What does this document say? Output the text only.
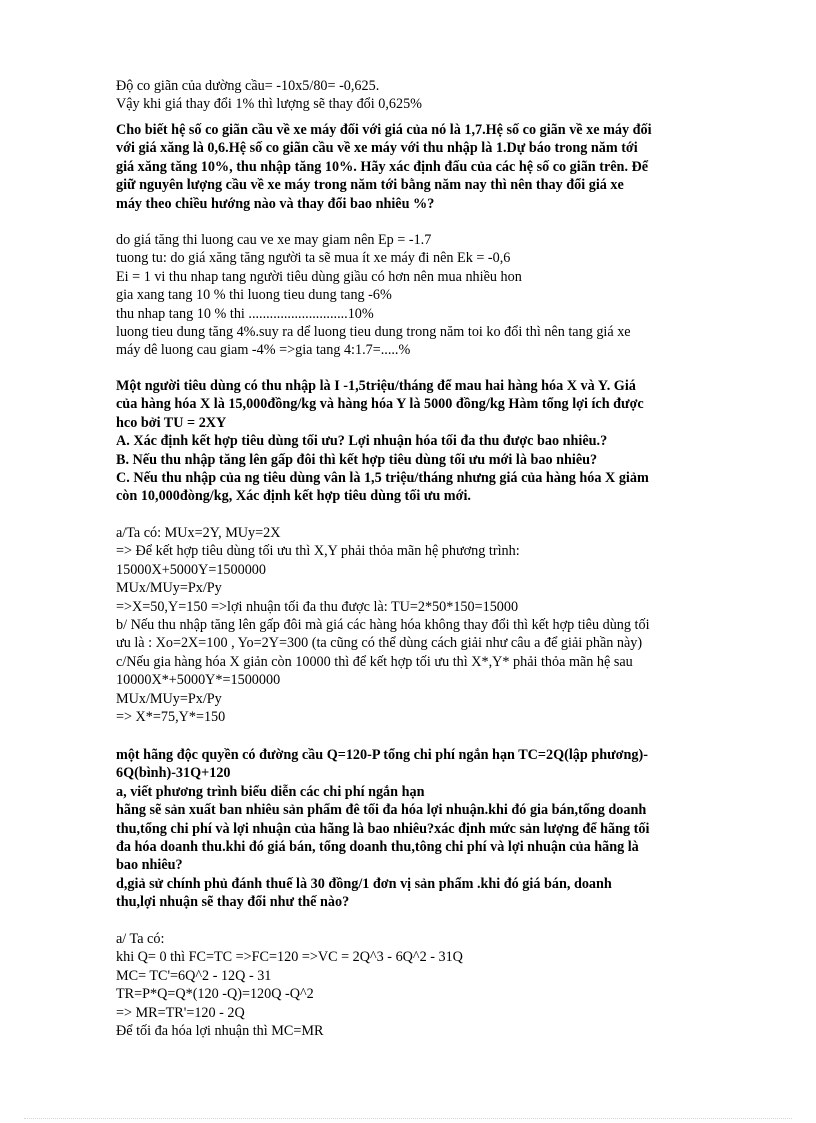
Độ co giãn của dường cầu= -10x5/80= -0,625.
Vậy khi giá thay đổi 1% thì lượng sẽ thay đổi 0,625%
Cho biết hệ số co giãn cầu về xe máy đối với giá của nó là 1,7.Hệ số co giãn về xe máy đối
với giá xăng là 0,6.Hệ số co giãn cầu về xe máy với thu nhập là 1.Dự báo trong năm tới
giá xăng tăng 10%, thu nhập tăng 10%. Hãy xác định đấu của các hệ số co giãn trên. Để
giữ nguyên lượng cầu về xe máy trong năm tới bằng năm nay thì nên thay đổi giá xe
máy theo chiều hướng nào và thay đổi bao nhiêu %?
do giá tăng thi luong cau ve xe may giam nên Ep = -1.7
tuong tu: do giá xăng tăng người ta sẽ mua ít xe máy đi nên Ek = -0,6
Ei = 1 vi thu nhap tang người tiêu dùng giầu có hơn nên mua nhiều hon
gia xang tang 10 % thi luong tieu dung tang -6%
thu nhap tang 10 % thi ............................10%
luong tieu dung tăng 4%.suy ra dể luong tieu dung trong năm toi ko đổi thì nên tang giá xe
máy dê luong cau giam -4% =>gia tang 4:1.7=.....%
Một người tiêu dùng có thu nhập là I -1,5triệu/tháng để mau hai hàng hóa X và Y. Giá
của hàng hóa X là 15,000đồng/kg và hàng hóa Y là 5000 đồng/kg Hàm tổng lợi ích được
hco bởi TU = 2XY
A. Xác định kết hợp tiêu dùng tối ưu? Lợi nhuận hóa tối đa thu được bao nhiêu.?
B. Nếu thu nhập tăng lên gấp đôi thì kết hợp tiêu dùng tối ưu mới là bao nhiêu?
C. Nếu thu nhập của ng tiêu dùng vân là 1,5 triệu/tháng nhưng giá của hàng hóa X giảm
còn 10,000đòng/kg, Xác định kết hợp tiêu dùng tối ưu mới.
a/Ta có: MUx=2Y, MUy=2X
=> Để kết hợp tiêu dùng tối ưu thì X,Y phải thỏa mãn hệ phương trình:
15000X+5000Y=1500000
MUx/MUy=Px/Py
=>X=50,Y=150 =>lợi nhuận tối đa thu được là: TU=2*50*150=15000
b/ Nếu thu nhập tăng lên gấp đôi mà giá các hàng hóa không thay đổi thì kết hợp tiêu dùng tối
ưu là : Xo=2X=100 , Yo=2Y=300 (ta cũng có thể dùng cách giải như câu a để giải phần này)
c/Nếu gia hàng hóa X giản còn 10000 thì để kết hợp tối ưu thì X*,Y* phải thỏa mãn hệ sau
10000X*+5000Y*=1500000
MUx/MUy=Px/Py
=> X*=75,Y*=150
một hãng độc quyền có đường cầu Q=120-P tổng chi phí ngắn hạn TC=2Q(lập phương)-
6Q(bình)-31Q+120
a, viết phương trình biểu diễn các chi phí ngắn hạn
hãng sẽ sản xuất ban nhiêu sản phẩm đê tối đa hóa lợi nhuận.khi đó gia bán,tổng doanh
thu,tổng chi phí và lợi nhuận của hãng là bao nhiêu?xác định mức sản lượng để hãng tối
đa hóa doanh thu.khi đó giá bán, tổng doanh thu,tông chi phí và lợi nhuận của hãng là
bao nhiêu?
d,giả sử chính phủ đánh thuế là 30 đồng/1 đơn vị sản phẩm .khi đó giá bán, doanh
thu,lợi nhuận sẽ thay đổi như thế nào?
a/ Ta có:
khi Q= 0 thì FC=TC =>FC=120 =>VC = 2Q^3 - 6Q^2 - 31Q
MC= TC'=6Q^2 - 12Q - 31
TR=P*Q=Q*(120 -Q)=120Q -Q^2
=> MR=TR'=120 - 2Q
Để tối đa hóa lợi nhuận thì MC=MR
